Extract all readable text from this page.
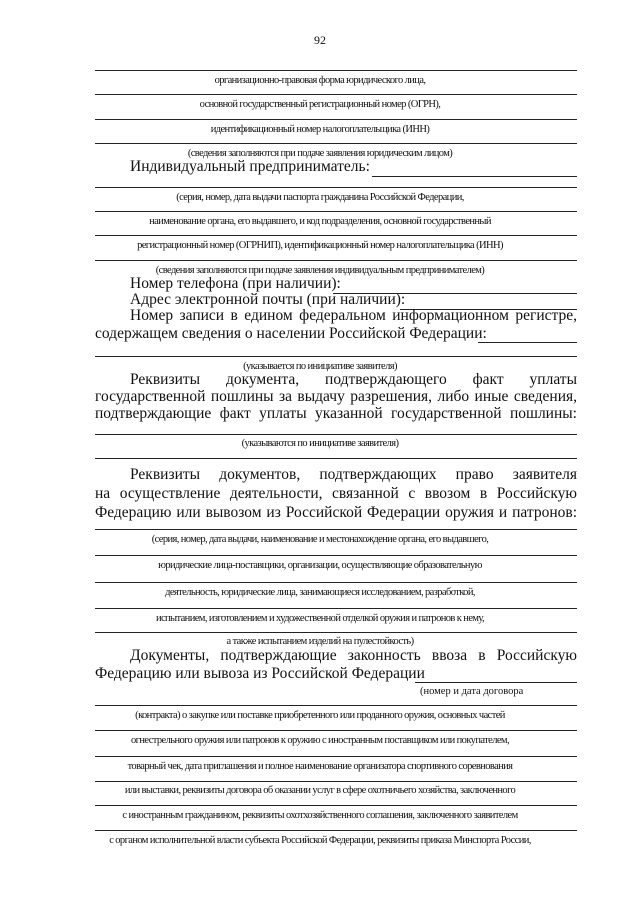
92
организационно-правовая форма юридического лица,
основной государственный регистрационный номер (ОГРН),
идентификационный номер налогоплательщика (ИНН)
(сведения заполняются при подаче заявления юридическим лицом)
Индивидуальный предприниматель:
(серия, номер, дата выдачи паспорта гражданина Российской Федерации,
наименование органа, его выдавшего, и код подразделения, основной государственный
регистрационный номер (ОГРНИП), идентификационный номер налогоплательщика (ИНН)
(сведения заполняются при подаче заявления индивидуальным предпринимателем)
Номер телефона (при наличии):
Адрес электронной почты (при наличии):
Номер записи в едином федеральном информационном регистре,
содержащем сведения о населении Российской Федерации:
(указывается по инициативе заявителя)
Реквизиты документа, подтверждающего факт уплаты
государственной пошлины за выдачу разрешения, либо иные сведения,
подтверждающие факт уплаты указанной государственной пошлины:
(указываются по инициативе заявителя)
Реквизиты документов, подтверждающих право заявителя
на осуществление деятельности, связанной с ввозом в Российскую
Федерацию или вывозом из Российской Федерации оружия и патронов:
(серия, номер, дата выдачи, наименование и местонахождение органа, его выдавшего,
юридические лица-поставщики, организации, осуществляющие образовательную
деятельность, юридические лица, занимающиеся исследованием, разработкой,
испытанием, изготовлением и художественной отделкой оружия и патронов к нему,
а также испытанием изделий на пулестойкость)
Документы, подтверждающие законность ввоза в Российскую
Федерацию или вывоза из Российской Федерации
(номер и дата договора
(контракта) о закупке или поставке приобретенного или проданного оружия, основных частей
огнестрельного оружия или патронов к оружию с иностранным поставщиком или покупателем,
товарный чек, дата приглашения и полное наименование организатора спортивного соревнования
или выставки, реквизиты договора об оказании услуг в сфере охотничьего хозяйства, заключенного
с иностранным гражданином, реквизиты охотхозяйственного соглашения, заключенного заявителем
с органом исполнительной власти субъекта Российской Федерации, реквизиты приказа Минспорта России,
